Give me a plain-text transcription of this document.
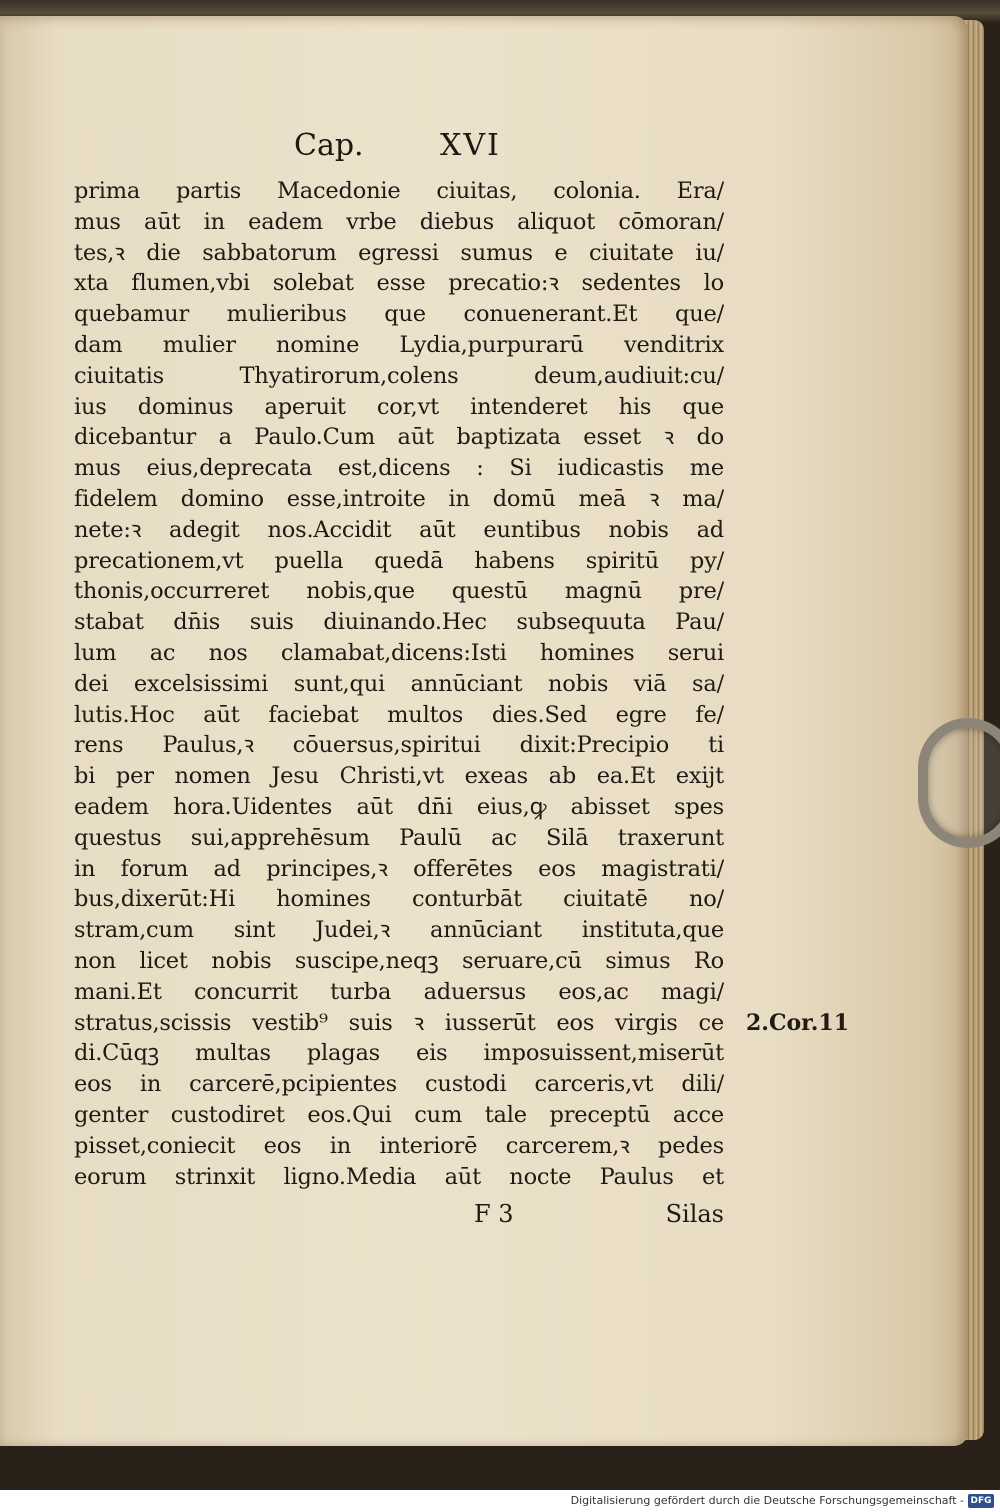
Cap.	XVI
prima partis Macedonie ciuitas, colonia. Era/
mus aūt in eadem vrbe diebus aliquot cōmoran/
tes,ꝛ die sabbatorum egressi sumus e ciuitate iu/
xta flumen,vbi solebat esse precatio:ꝛ sedentes lo
quebamur mulieribus que conuenerant.Et que/
dam mulier nomine Lydia,purpurarū venditrix
ciuitatis Thyatirorum,colens deum,audiuit:cu/
ius dominus aperuit cor,vt intenderet his que
dicebantur a Paulo.Cum aūt baptizata esset ꝛ do
mus eius,deprecata est,dicens : Si iudicastis me
fidelem domino esse,introite in domū meā ꝛ ma/
nete:ꝛ adegit nos.Accidit aūt euntibus nobis ad
precationem,vt puella quedā habens spiritū py/
thonis,occurreret nobis,que questū magnū pre/
stabat dn̄is suis diuinando.Hec subsequuta Pau/
lum ac nos clamabat,dicens:Isti homines serui
dei excelsissimi sunt,qui annūciant nobis viā sa/
lutis.Hoc aūt faciebat multos dies.Sed egre fe/
rens Paulus,ꝛ cōuersus,spiritui dixit:Precipio ti
bi per nomen Jesu Christi,vt exeas ab ea.Et exijt
eadem hora.Uidentes aūt dn̄i eius,ꝙ abisset spes
questus sui,apprehēsum Paulū ac Silā traxerunt
in forum ad principes,ꝛ offerētes eos magistrati/
bus,dixerūt:Hi homines conturbāt ciuitatē no/
stram,cum sint Judei,ꝛ annūciant instituta,que
non licet nobis suscipe,neqꝫ seruare,cū simus Ro
mani.Et concurrit turba aduersus eos,ac magi/
stratus,scissis vestib⁹ suis ꝛ iusserūt eos virgis ce
di.Cūqꝫ multas plagas eis imposuissent,miserūt
eos in carcerē,pcipientes custodi carceris,vt dili/
genter custodiret eos.Qui cum tale preceptū acce
pisset,coniecit eos in interiorē carcerem,ꝛ pedes
eorum strinxit ligno.Media aūt nocte Paulus et
2.Cor.11
F 3	Silas
Digitalisierung gefördert durch die Deutsche Forschungsgemeinschaft - DFG
